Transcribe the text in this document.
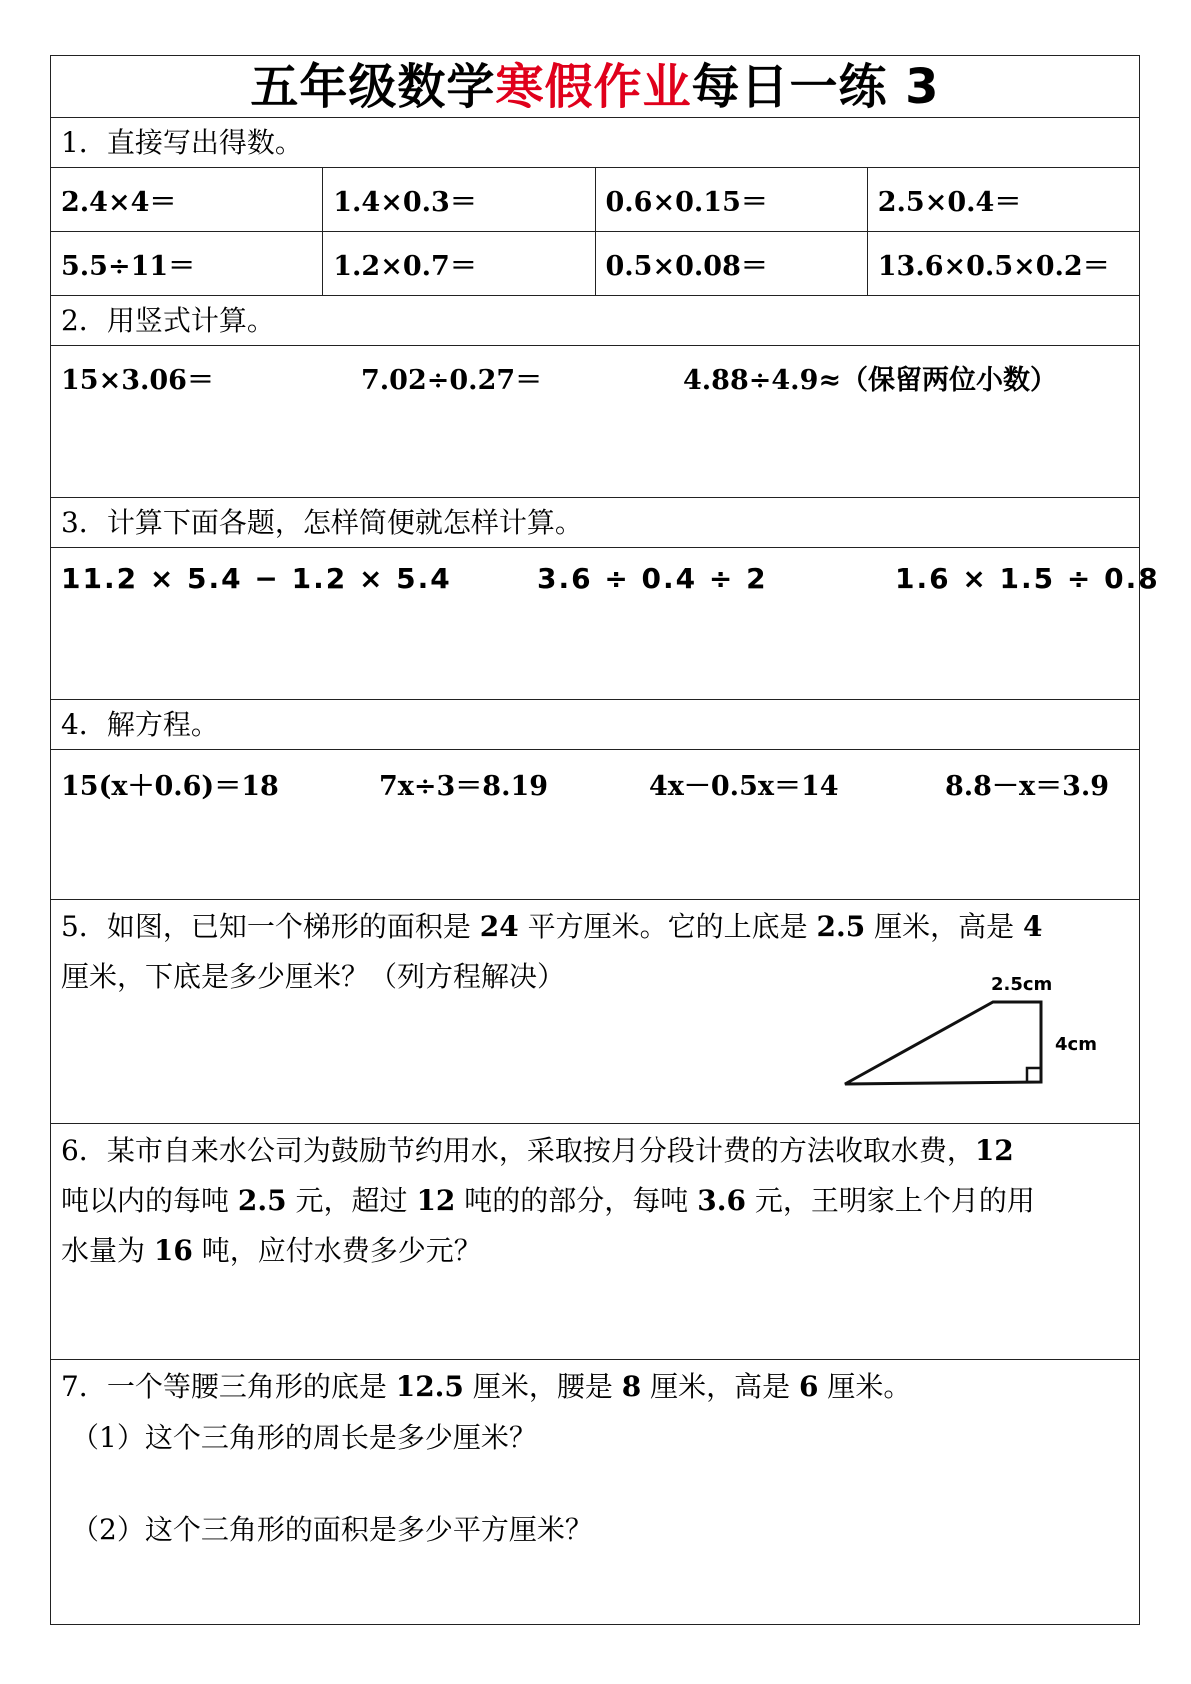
五年级数学寒假作业每日一练 3
1．直接写出得数。
2.4×4＝	1.4×0.3＝	0.6×0.15＝	2.5×0.4＝
5.5÷11＝	1.2×0.7＝	0.5×0.08＝	13.6×0.5×0.2＝
2．用竖式计算。
15×3.06＝	7.02÷0.27＝	4.88÷4.9≈（保留两位小数）
3．计算下面各题，怎样简便就怎样计算。
11.2 × 5.4 − 1.2 × 5.4	3.6 ÷ 0.4 ÷ 2	1.6 × 1.5 ÷ 0.8
4．解方程。
15(x＋0.6)＝18	7x÷3＝8.19	4x－0.5x＝14	8.8－x＝3.9
5．如图，已知一个梯形的面积是 24 平方厘米。它的上底是 2.5 厘米，高是 4
厘米，下底是多少厘米？（列方程解决）	2.5cm
4cm
6．某市自来水公司为鼓励节约用水，采取按月分段计费的方法收取水费，12
吨以内的每吨 2.5 元，超过 12 吨的的部分，每吨 3.6 元，王明家上个月的用
水量为 16 吨，应付水费多少元？
7．一个等腰三角形的底是 12.5 厘米，腰是 8 厘米，高是 6 厘米。
（1）这个三角形的周长是多少厘米？
（2）这个三角形的面积是多少平方厘米？
